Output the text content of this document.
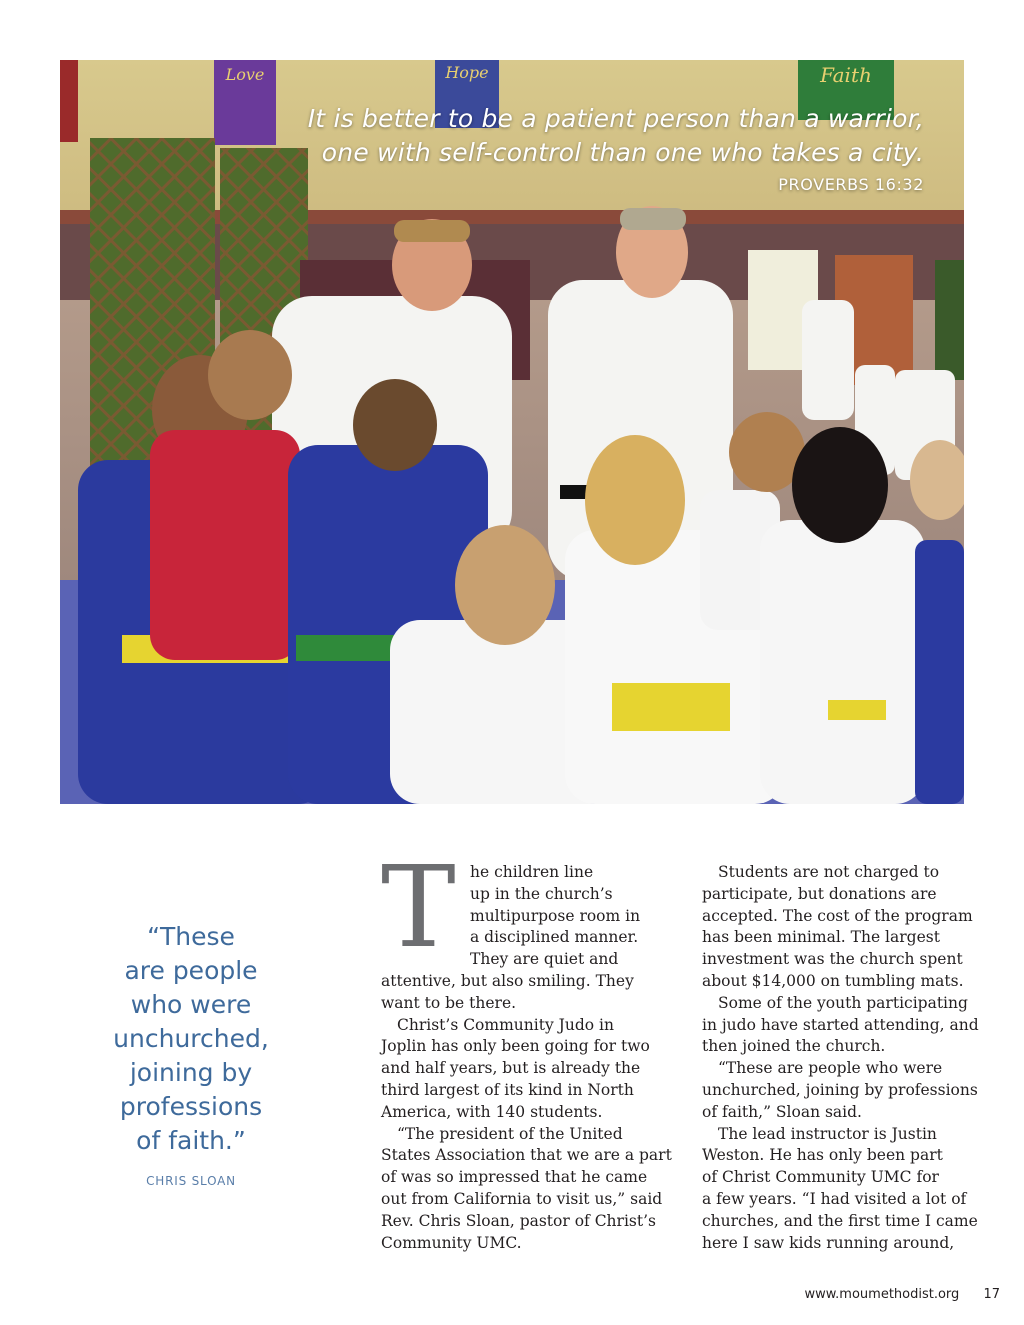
Love	Hope	Faith
It is better to be a patient person than a warrior,
one with self-control than one who takes a city.
PROVERBS 16:32
“These
are people
who were
unchurched,
joining by
professions
of faith.”
CHRIS SLOAN
T he children line
up in the church’s
multipurpose room in
a disciplined manner.
They are quiet and
attentive, but also smiling. They
want to be there.
Christ’s Community Judo in
Joplin has only been going for two
and half years, but is already the
third largest of its kind in North
America, with 140 students.
“The president of the United
States Association that we are a part
of was so impressed that he came
out from California to visit us,” said
Rev. Chris Sloan, pastor of Christ’s
Community UMC.
Students are not charged to
participate, but donations are
accepted. The cost of the program
has been minimal. The largest
investment was the church spent
about $14,000 on tumbling mats.
Some of the youth participating
in judo have started attending, and
then joined the church.
“These are people who were
unchurched, joining by professions
of faith,” Sloan said.
The lead instructor is Justin
Weston. He has only been part
of Christ Community UMC for
a few years. “I had visited a lot of
churches, and the first time I came
here I saw kids running around,
www.moumethodist.org 17
